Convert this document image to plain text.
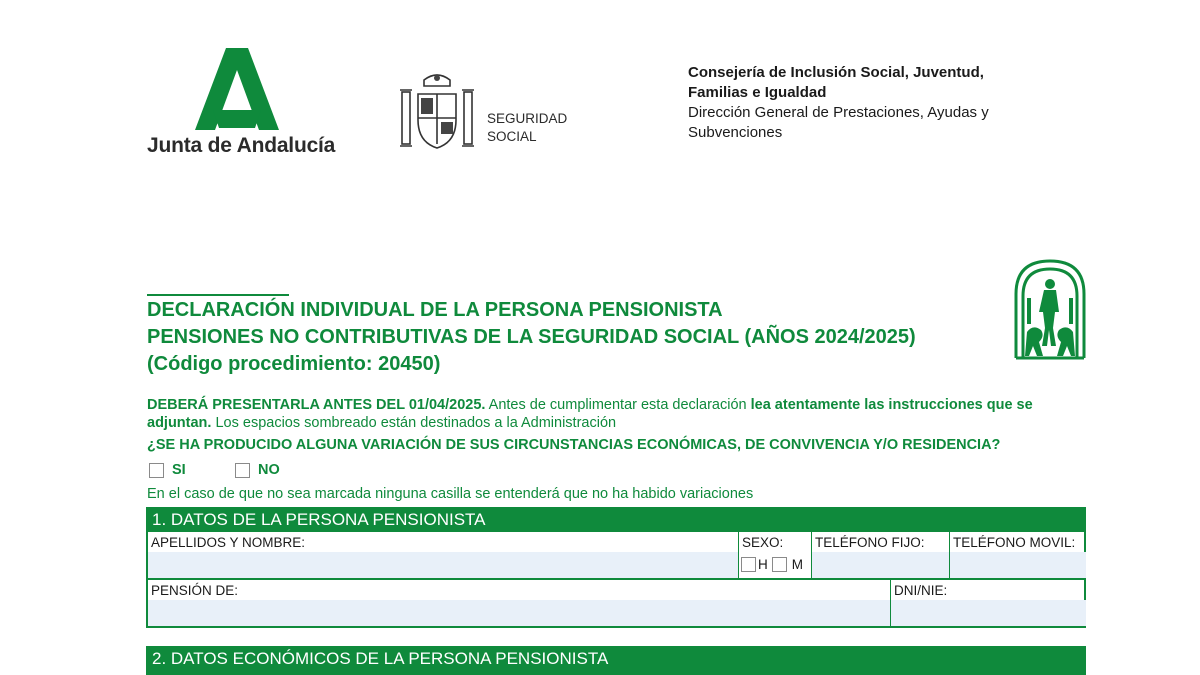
Junta de Andalucía
SEGURIDAD
SOCIAL
Consejería de Inclusión Social, Juventud,
Familias e Igualdad
Dirección General de Prestaciones, Ayudas y
Subvenciones
DECLARACIÓN INDIVIDUAL DE LA PERSONA PENSIONISTA
PENSIONES NO CONTRIBUTIVAS DE LA SEGURIDAD SOCIAL (AÑOS 2024/2025)
(Código procedimiento: 20450)
DEBERÁ PRESENTARLA ANTES DEL 01/04/2025. Antes de cumplimentar esta declaración lea atentamente las instrucciones que se adjuntan. Los espacios sombreado están destinados a la Administración
¿SE HA PRODUCIDO ALGUNA VARIACIÓN DE SUS CIRCUNSTANCIAS ECONÓMICAS, DE CONVIVENCIA Y/O RESIDENCIA?
SI	NO
En el caso de que no sea marcada ninguna casilla se entenderá que no ha habido variaciones
1. DATOS DE LA PERSONA PENSIONISTA
APELLIDOS Y NOMBRE:	SEXO:
H M
TELÉFONO FIJO: TELÉFONO MOVIL:
PENSIÓN DE:	DNI/NIE:
2. DATOS ECONÓMICOS DE LA PERSONA PENSIONISTA
